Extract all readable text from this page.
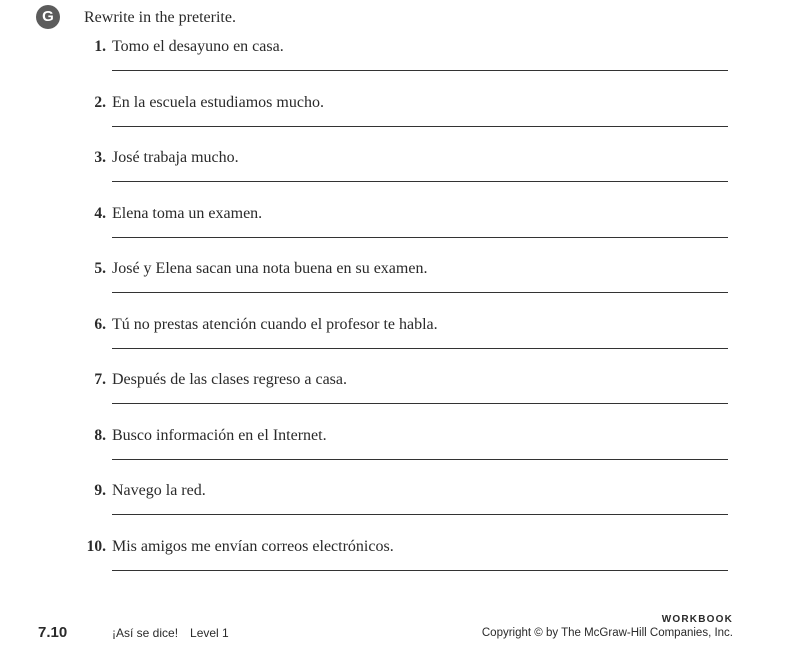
G	Rewrite in the preterite.
1. Tomo el desayuno en casa.
2. En la escuela estudiamos mucho.
3. José trabaja mucho.
4. Elena toma un examen.
5. José y Elena sacan una nota buena en su examen.
6. Tú no prestas atención cuando el profesor te habla.
7. Después de las clases regreso a casa.
8. Busco información en el Internet.
9. Navego la red.
10. Mis amigos me envían correos electrónicos.
7.10	¡Así se dice! Level 1
WORKBOOK
Copyright © by The McGraw-Hill Companies, Inc.
